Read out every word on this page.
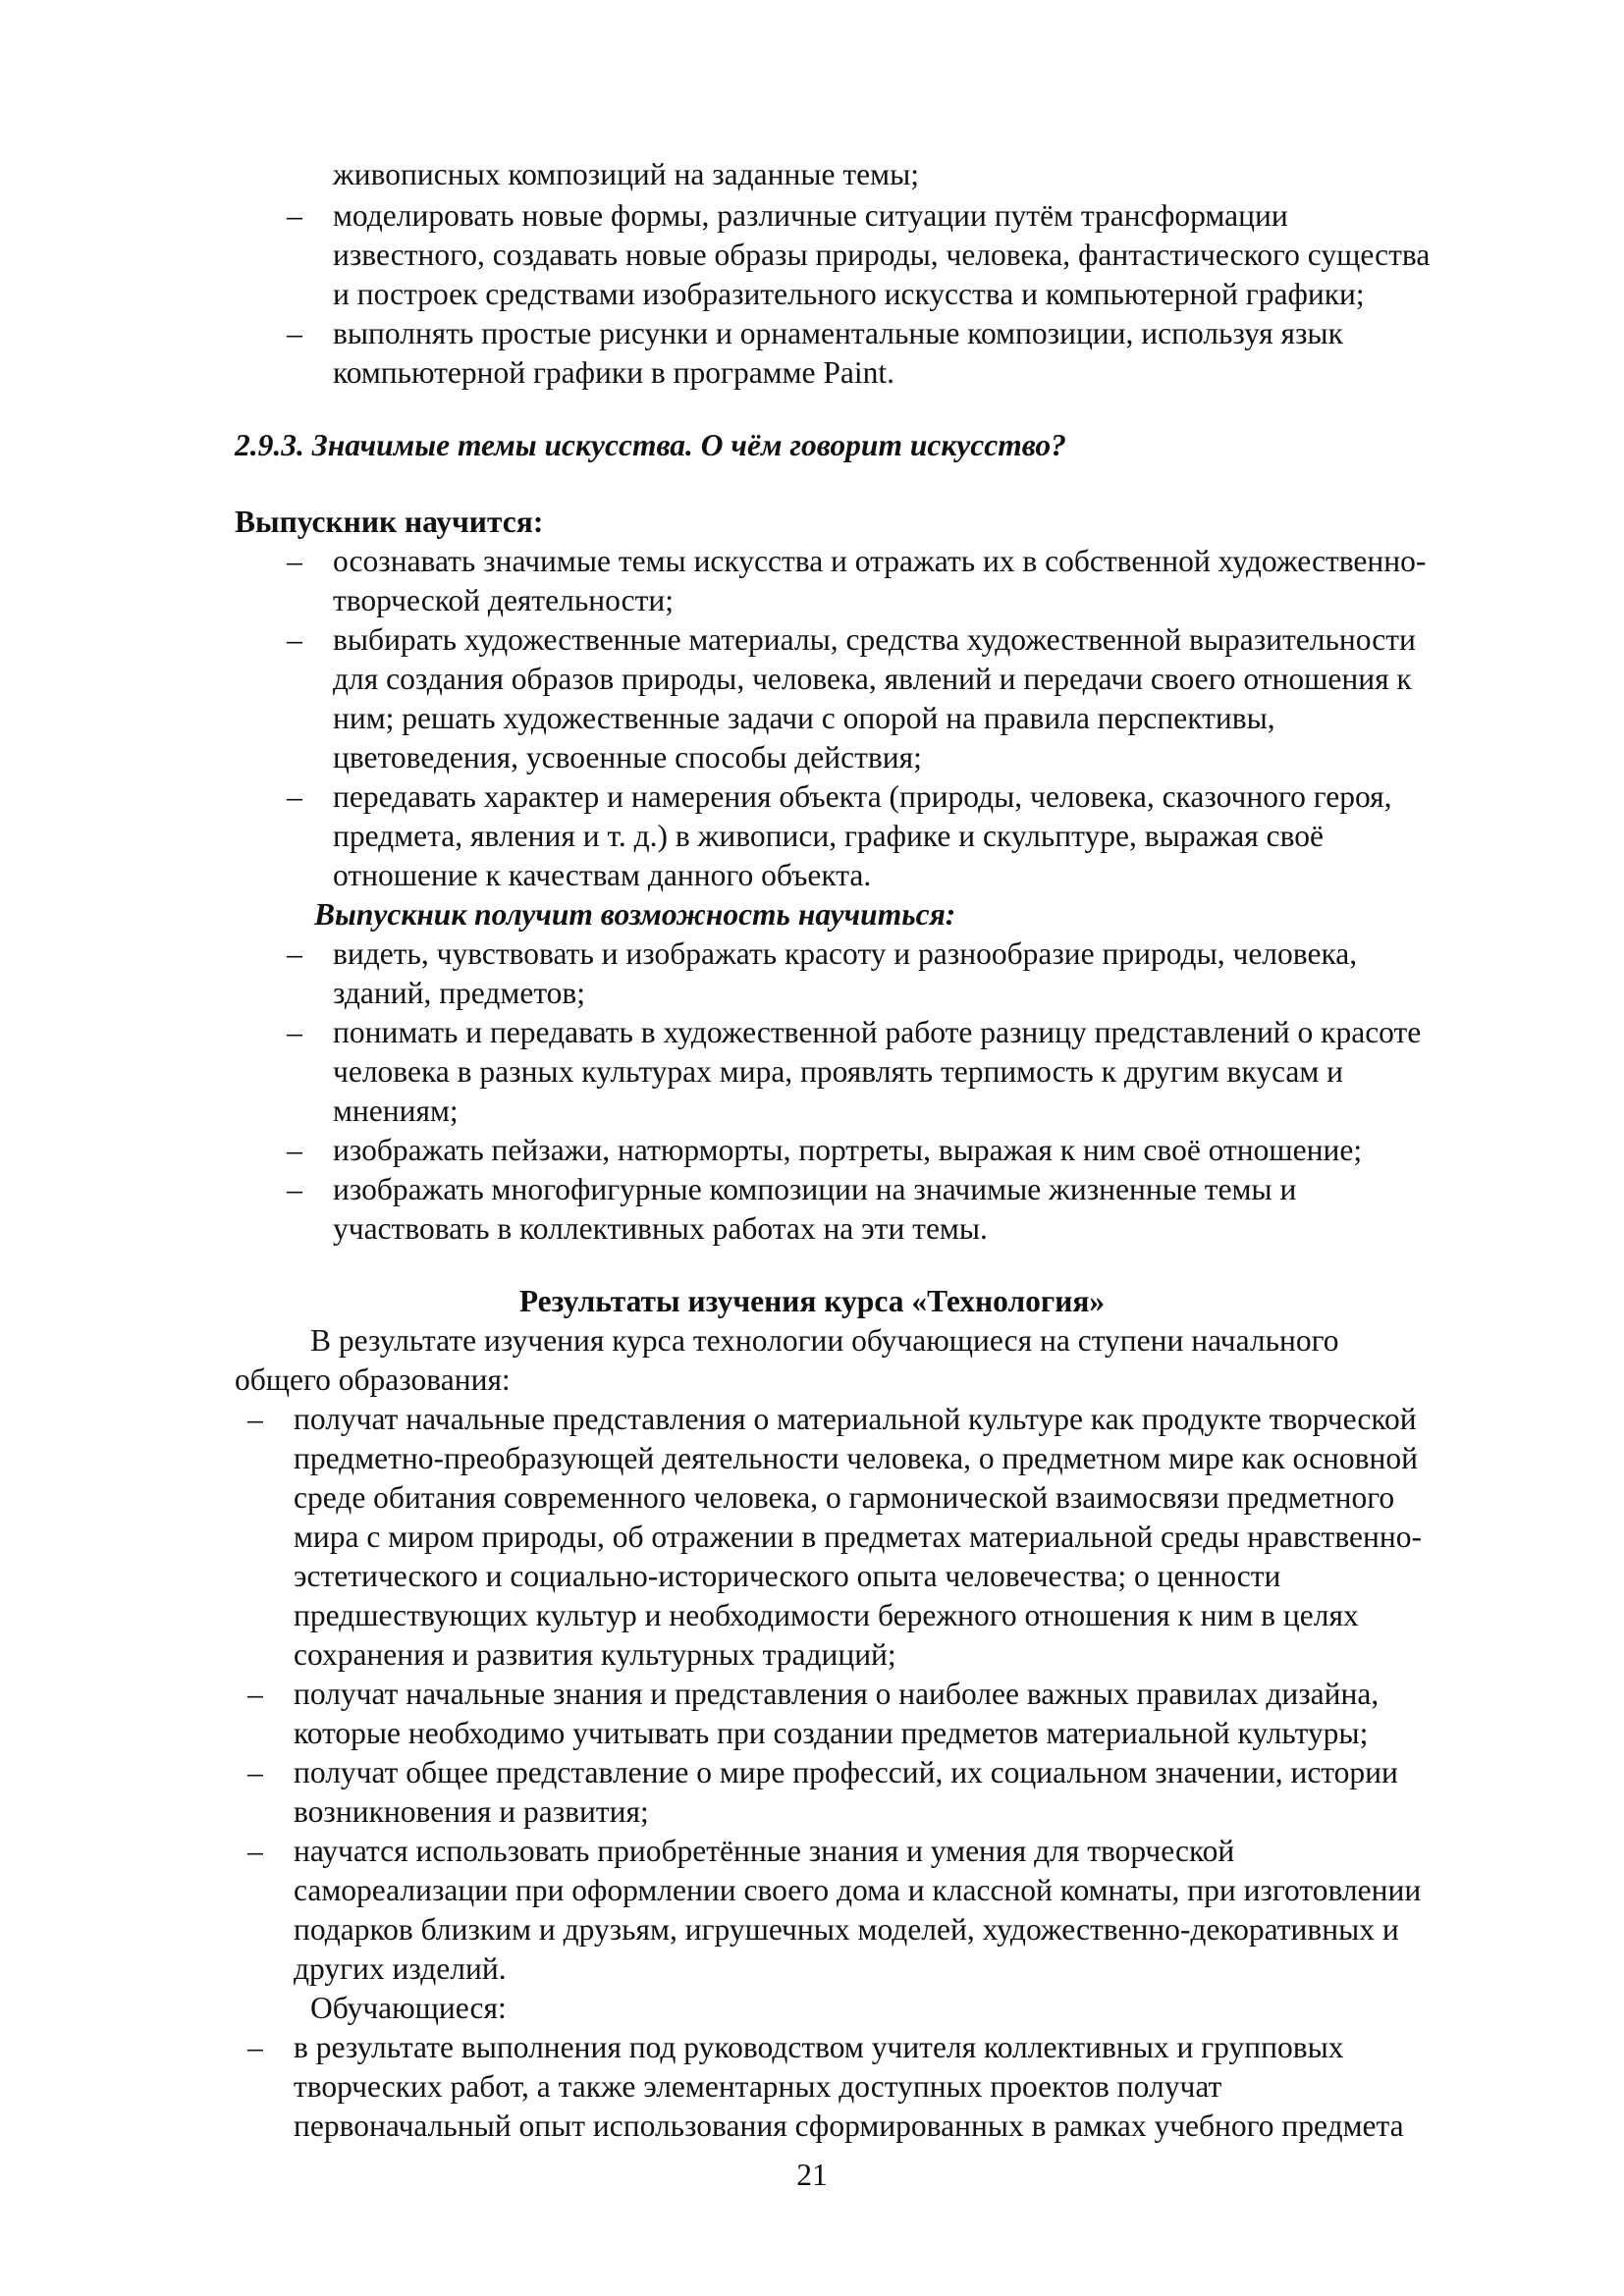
живописных композиций на заданные темы;
– моделировать новые формы, различные ситуации путём трансформации
известного, создавать новые образы природы, человека, фантастического существа
и построек средствами изобразительного искусства и компьютерной графики;
– выполнять простые рисунки и орнаментальные композиции, используя язык
компьютерной графики в программе Paint.
2.9.3. Значимые темы искусства. О чём говорит искусство?
Выпускник научится:
– осознавать значимые темы искусства и отражать их в собственной художественно-
творческой деятельности;
– выбирать художественные материалы, средства художественной выразительности
для создания образов природы, человека, явлений и передачи своего отношения к
ним; решать художественные задачи с опорой на правила перспективы,
цветоведения, усвоенные способы действия;
– передавать характер и намерения объекта (природы, человека, сказочного героя,
предмета, явления и т. д.) в живописи, графике и скульптуре, выражая своё
отношение к качествам данного объекта.
Выпускник получит возможность научиться:
– видеть, чувствовать и изображать красоту и разнообразие природы, человека,
зданий, предметов;
– понимать и передавать в художественной работе разницу представлений о красоте
человека в разных культурах мира, проявлять терпимость к другим вкусам и
мнениям;
– изображать пейзажи, натюрморты, портреты, выражая к ним своё отношение;
– изображать многофигурные композиции на значимые жизненные темы и
участвовать в коллективных работах на эти темы.
Результаты изучения курса «Технология»
В результате изучения курса технологии обучающиеся на ступени начального
общего образования:
– получат начальные представления о материальной культуре как продукте творческой
предметно-преобразующей деятельности человека, о предметном мире как основной
среде обитания современного человека, о гармонической взаимосвязи предметного
мира с миром природы, об отражении в предметах материальной среды нравственно-
эстетического и социально-исторического опыта человечества; о ценности
предшествующих культур и необходимости бережного отношения к ним в целях
сохранения и развития культурных традиций;
– получат начальные знания и представления о наиболее важных правилах дизайна,
которые необходимо учитывать при создании предметов материальной культуры;
– получат общее представление о мире профессий, их социальном значении, истории
возникновения и развития;
– научатся использовать приобретённые знания и умения для творческой
самореализации при оформлении своего дома и классной комнаты, при изготовлении
подарков близким и друзьям, игрушечных моделей, художественно-декоративных и
других изделий.
Обучающиеся:
– в результате выполнения под руководством учителя коллективных и групповых
творческих работ, а также элементарных доступных проектов получат
первоначальный опыт использования сформированных в рамках учебного предмета
21
